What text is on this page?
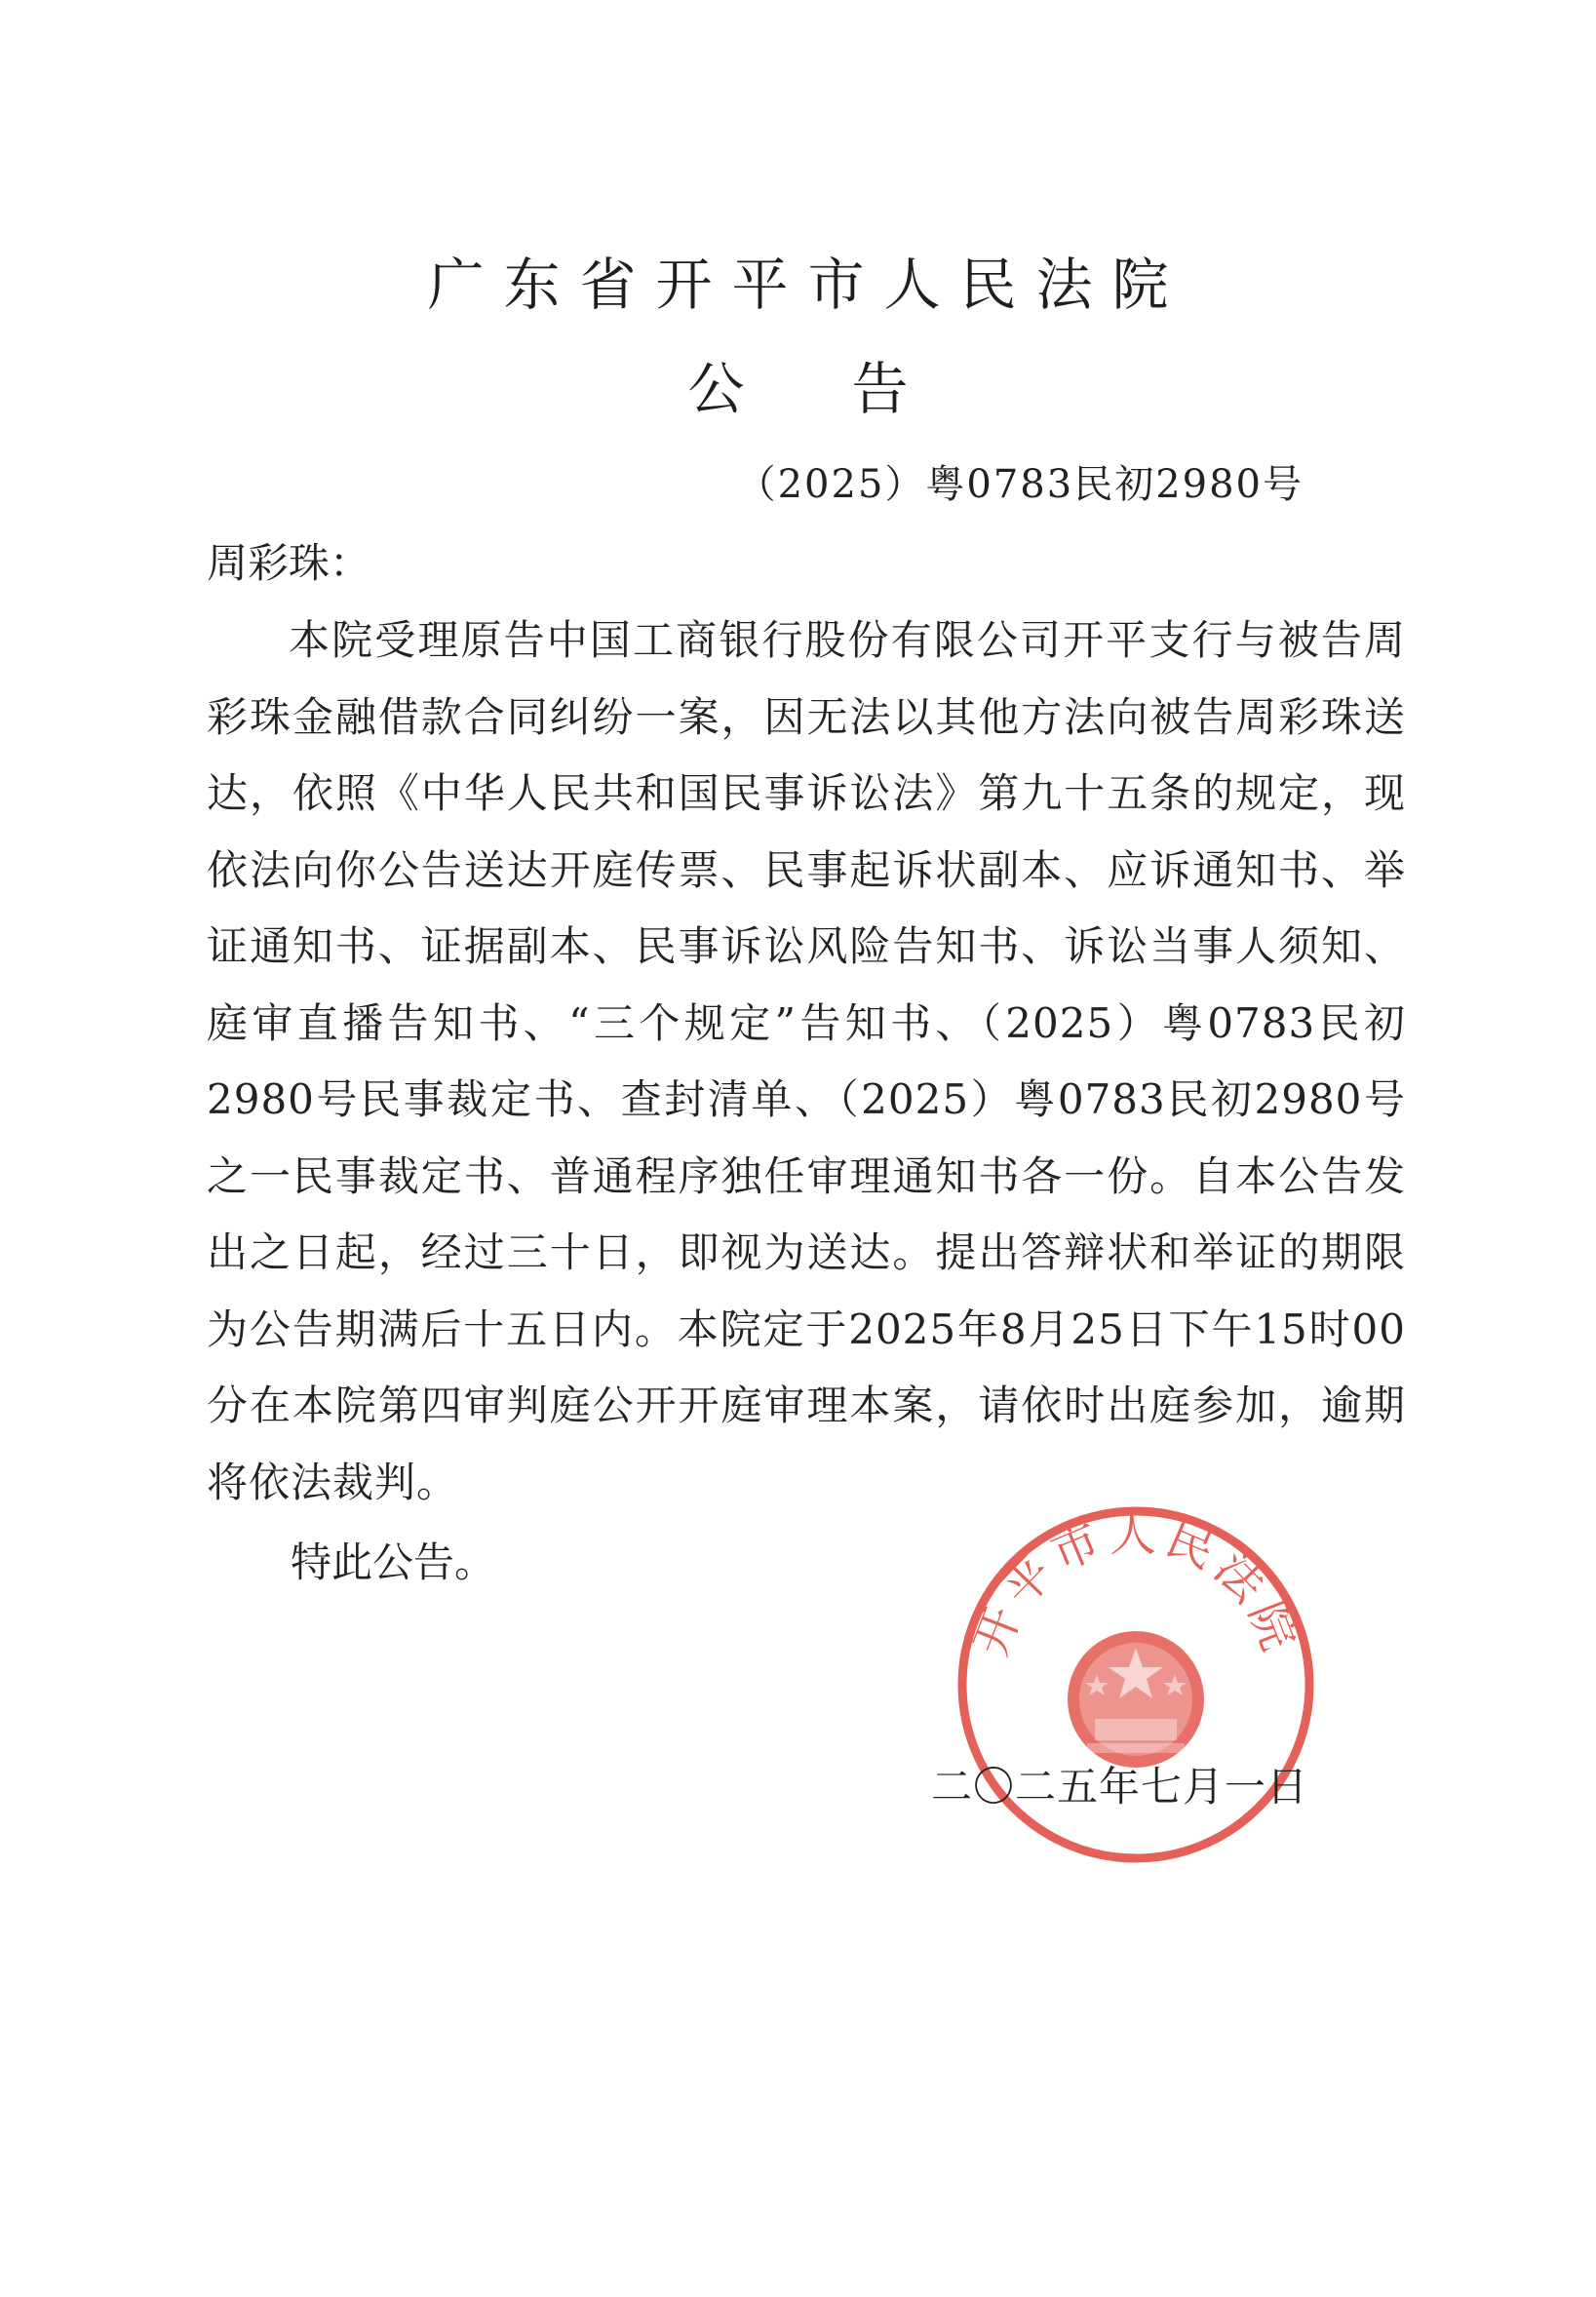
广东省开平市人民法院
公告
（2025）粤0783民初2980号
周彩珠：

本院受理原告中国工商银行股份有限公司开平支行与被告周彩珠金融借款合同纠纷一案，因无法以其他方法向被告周彩珠送达，依照《中华人民共和国民事诉讼法》第九十五条的规定，现依法向你公告送达开庭传票、民事起诉状副本、应诉通知书、举证通知书、证据副本、民事诉讼风险告知书、诉讼当事人须知、庭审直播告知书、“三个规定”告知书、（2025）粤0783民初2980号民事裁定书、查封清单、（2025）粤0783民初2980号之一民事裁定书、普通程序独任审理通知书各一份。自本公告发出之日起，经过三十日，即视为送达。提出答辩状和举证的期限为公告期满后十五日内。本院定于2025年8月25日下午15时00分在本院第四审判庭公开开庭审理本案，请依时出庭参加，逾期将依法裁判。

特此公告。
开平市人民法院
二〇二五年七月一日
